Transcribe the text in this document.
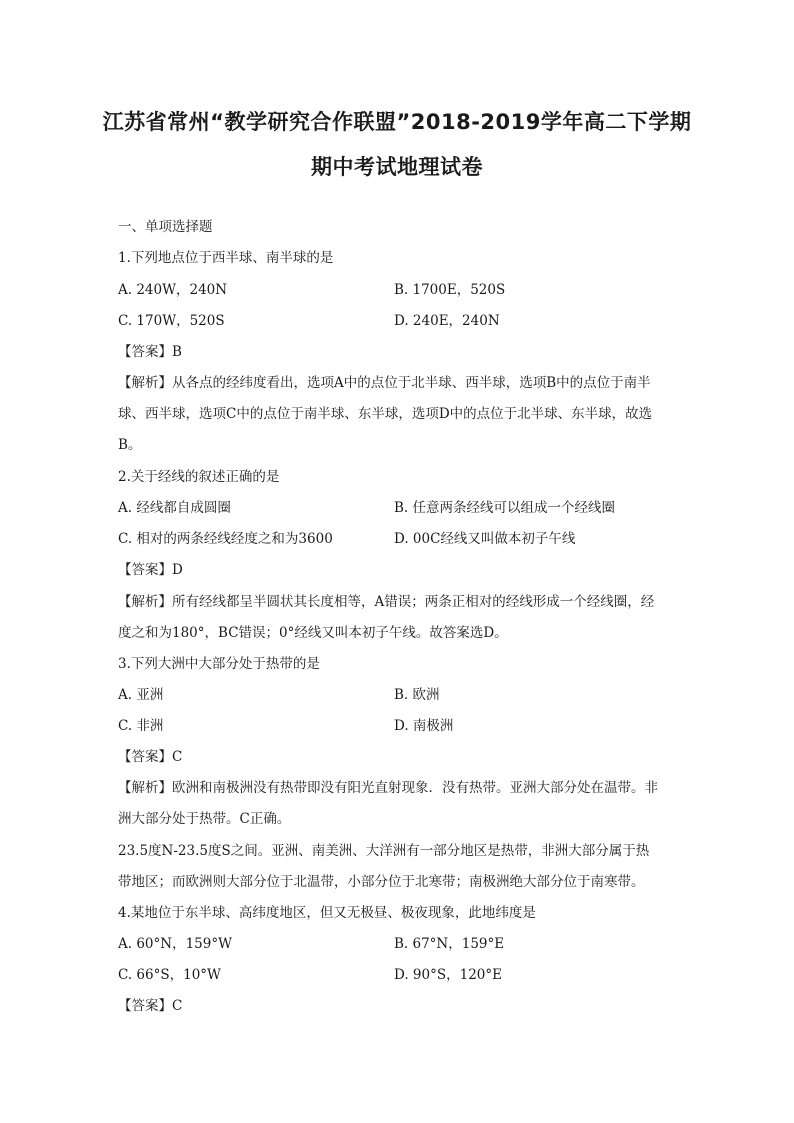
江苏省常州“教学研究合作联盟”2018-2019学年高二下学期
期中考试地理试卷
一、单项选择题
1.下列地点位于西半球、南半球的是
A. 240W，240N	B. 1700E，520S
C. 170W，520S	D. 240E，240N
【答案】B
【解析】从各点的经纬度看出，选项A中的点位于北半球、西半球，选项B中的点位于南半
球、西半球，选项C中的点位于南半球、东半球，选项D中的点位于北半球、东半球，故选
B。
2.关于经线的叙述正确的是
A. 经线都自成圆圈	B. 任意两条经线可以组成一个经线圈
C. 相对的两条经线经度之和为3600	D. 00C经线又叫做本初子午线
【答案】D
【解析】所有经线都呈半圆状其长度相等，A错误；两条正相对的经线形成一个经线圈，经
度之和为180°，BC错误；0°经线又叫本初子午线。故答案选D。
3.下列大洲中大部分处于热带的是
A. 亚洲	B. 欧洲
C. 非洲	D. 南极洲
【答案】C
【解析】欧洲和南极洲没有热带即没有阳光直射现象．没有热带。亚洲大部分处在温带。非
洲大部分处于热带。C正确。
23.5度N-23.5度S之间。亚洲、南美洲、大洋洲有一部分地区是热带，非洲大部分属于热
带地区；而欧洲则大部分位于北温带，小部分位于北寒带；南极洲绝大部分位于南寒带。
4.某地位于东半球、高纬度地区，但又无极昼、极夜现象，此地纬度是
A. 60°N，159°W	B. 67°N，159°E
C. 66°S，10°W	D. 90°S，120°E
【答案】C
